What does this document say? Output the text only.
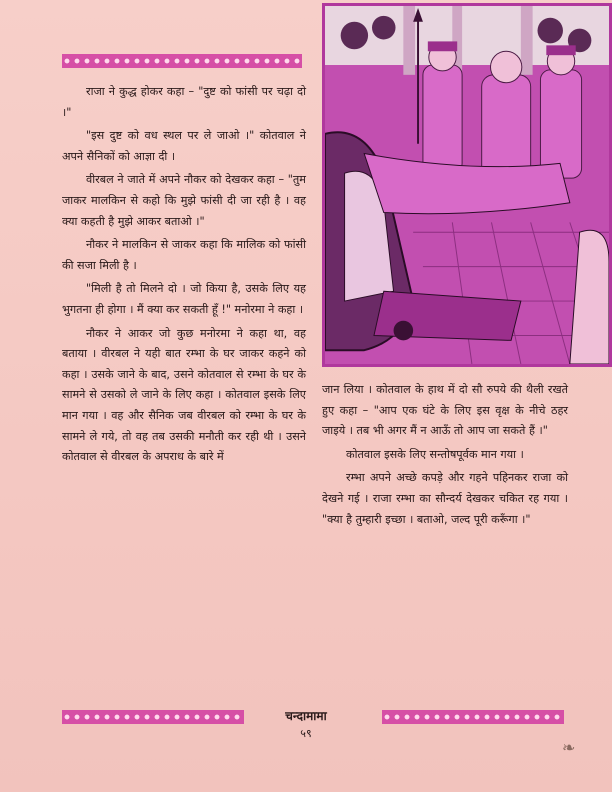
राजा ने कुद्ध होकर कहा – "दुष्ट को फांसी पर चढ़ा दो ।"

"इस दुष्ट को वध स्थल पर ले जाओ ।" कोतवाल ने अपने सैनिकों को आज्ञा दी ।

वीरबल ने जाते में अपने नौकर को देखकर कहा – "तुम जाकर मालकिन से कहो कि मुझे फांसी दी जा रही है । वह क्या कहती है मुझे आकर बताओ ।"

नौकर ने मालकिन से जाकर कहा कि मालिक को फांसी की सजा मिली है ।

"मिली है तो मिलने दो । जो किया है, उसके लिए यह भुगतना ही होगा । मैं क्या कर सकती हूँ !" मनोरमा ने कहा ।

नौकर ने आकर जो कुछ मनोरमा ने कहा था, वह बताया । वीरबल ने यही बात रम्भा के घर जाकर कहने को कहा । उसके जाने के बाद, उसने कोतवाल से रम्भा के घर के सामने से उसको ले जाने के लिए कहा । कोतवाल इसके लिए मान गया । वह और सैनिक जब वीरबल को रम्भा के घर के सामने ले गये, तो वह तब उसकी मनौती कर रही थी । उसने कोतवाल से वीरबल के अपराध के बारे में

जान लिया । कोतवाल के हाथ में दो सौ रुपये की थैली रखते हुए कहा – "आप एक घंटे के लिए इस वृक्ष के नीचे ठहर जाइये । तब भी अगर मैं न आऊँ तो आप जा सकते हैं ।"

कोतवाल इसके लिए सन्तोषपूर्वक मान गया ।

रम्भा अपने अच्छे कपड़े और गहने पहिनकर राजा को देखने गई । राजा रम्भा का सौन्दर्य देखकर चकित रह गया । "क्या है तुम्हारी इच्छा । बताओ, जल्द पूरी करूँगा ।"

चन्दामामा
५९
❧
